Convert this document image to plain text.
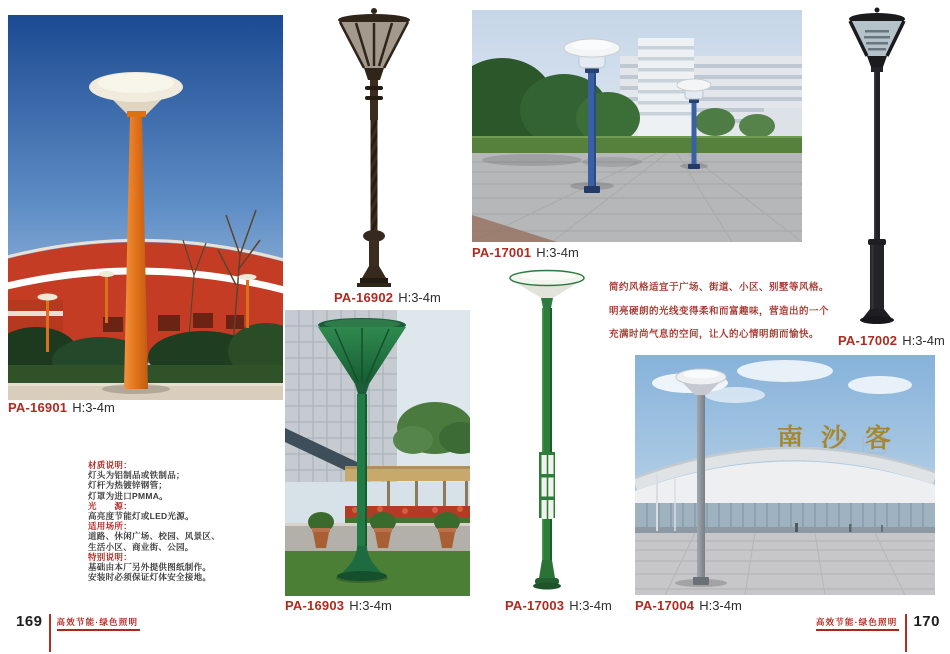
PA-16901 H:3-4m
PA-16902 H:3-4m
PA-17001 H:3-4m
PA-17002 H:3-4m
简约风格适宜于广场、街道、小区、别墅等风格。
明亮硬朗的光线变得柔和而富趣味，营造出的一个
充满时尚气息的空间，让人的心情明朗而愉快。
材质说明：
灯头为铝制品或铁制品；
灯杆为热镀锌钢管；
灯罩为进口PMMA。
光　　源：
高亮度节能灯或LED光源。
适用场所：
道路、休闲广场、校园、风景区、
生活小区、商业街、公园。
特别说明：
基础由本厂另外提供图纸制作。
安装时必须保证灯体安全接地。
PA-16903 H:3-4m	PA-17003 H:3-4m
南沙客
PA-17004 H:3-4m
169 高效节能·绿色照明	高效节能·绿色照明 170
